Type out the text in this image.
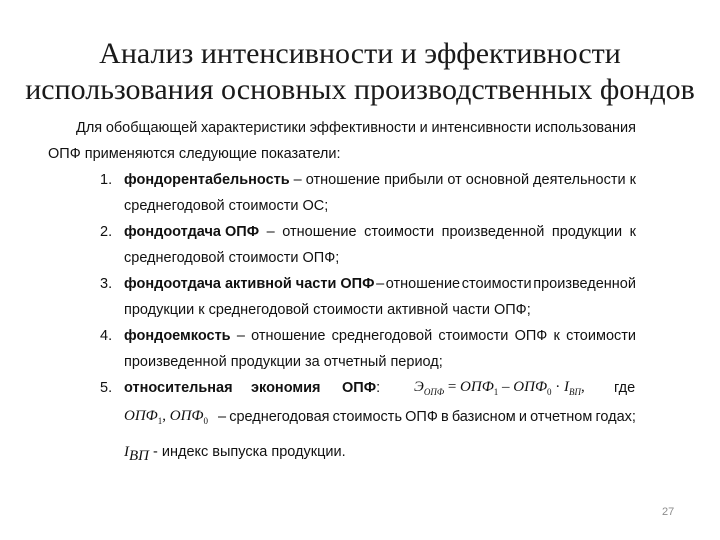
Анализ интенсивности и эффективности
использования основных производственных фондов
Для обобщающей характеристики эффективности и интенсивности использования
ОПФ применяются следующие показатели:
1. фондорентабельность – отношение прибыли от основной деятельности к
среднегодовой стоимости ОС;
2. фондоотдача ОПФ – отношение стоимости произведенной продукции к
среднегодовой стоимости ОПФ;
3. фондоотдача активной части ОПФ – отношение стоимости произведенной
продукции к среднегодовой стоимости активной части ОПФ;
4. фондоемкость – отношение среднегодовой стоимости ОПФ к стоимости
произведенной продукции за отчетный период;
5. относительная экономия ОПФ: $Э_{ОПФ} = ОПФ_1 - ОПФ_0 \cdot I_{ВП}$, где
$ОПФ_1$, $ОПФ_0$ – среднегодовая стоимость ОПФ в базисном и отчетном годах;
$I_{ВП}$ - индекс выпуска продукции.
27
